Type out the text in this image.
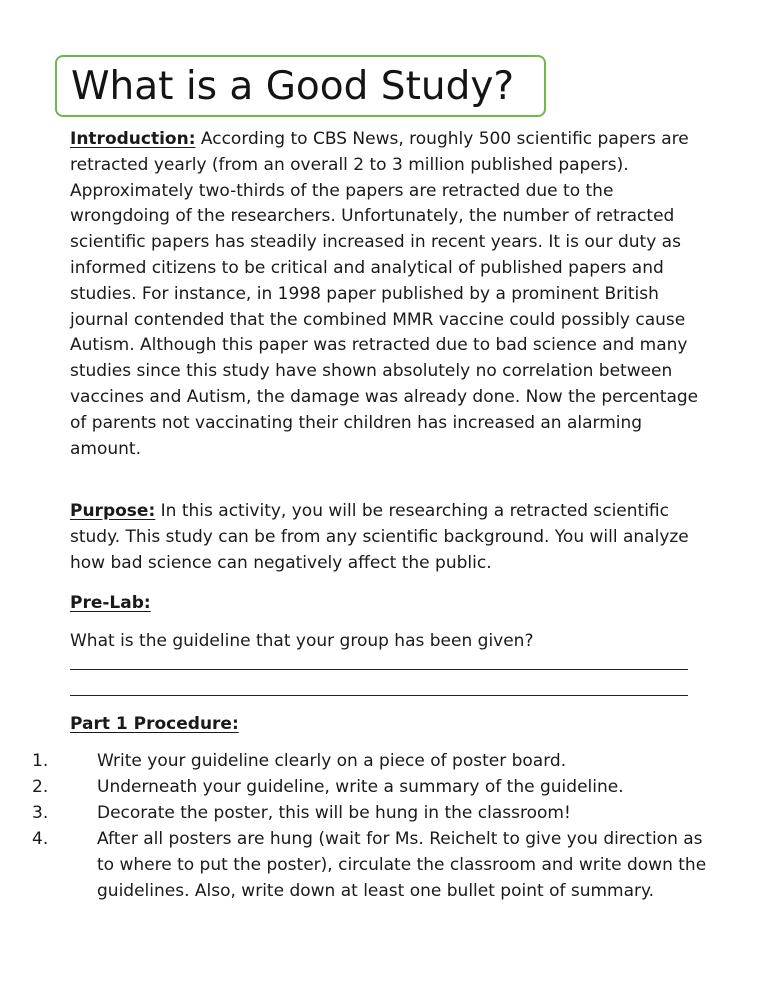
What is a Good Study?

Introduction: According to CBS News, roughly 500 scientific papers are retracted yearly (from an overall 2 to 3 million published papers). Approximately two-thirds of the papers are retracted due to the wrongdoing of the researchers. Unfortunately, the number of retracted scientific papers has steadily increased in recent years. It is our duty as informed citizens to be critical and analytical of published papers and studies. For instance, in 1998 paper published by a prominent British journal contended that the combined MMR vaccine could possibly cause Autism. Although this paper was retracted due to bad science and many studies since this study have shown absolutely no correlation between vaccines and Autism, the damage was already done. Now the percentage of parents not vaccinating their children has increased an alarming amount.

Purpose: In this activity, you will be researching a retracted scientific study. This study can be from any scientific background. You will analyze how bad science can negatively affect the public.

Pre-Lab:

What is the guideline that your group has been given?

Part 1 Procedure:

1.	Write your guideline clearly on a piece of poster board.
2.	Underneath your guideline, write a summary of the guideline.
3.	Decorate the poster, this will be hung in the classroom!
4.	After all posters are hung (wait for Ms. Reichelt to give you direction as to where to put the poster), circulate the classroom and write down the guidelines. Also, write down at least one bullet point of summary.
